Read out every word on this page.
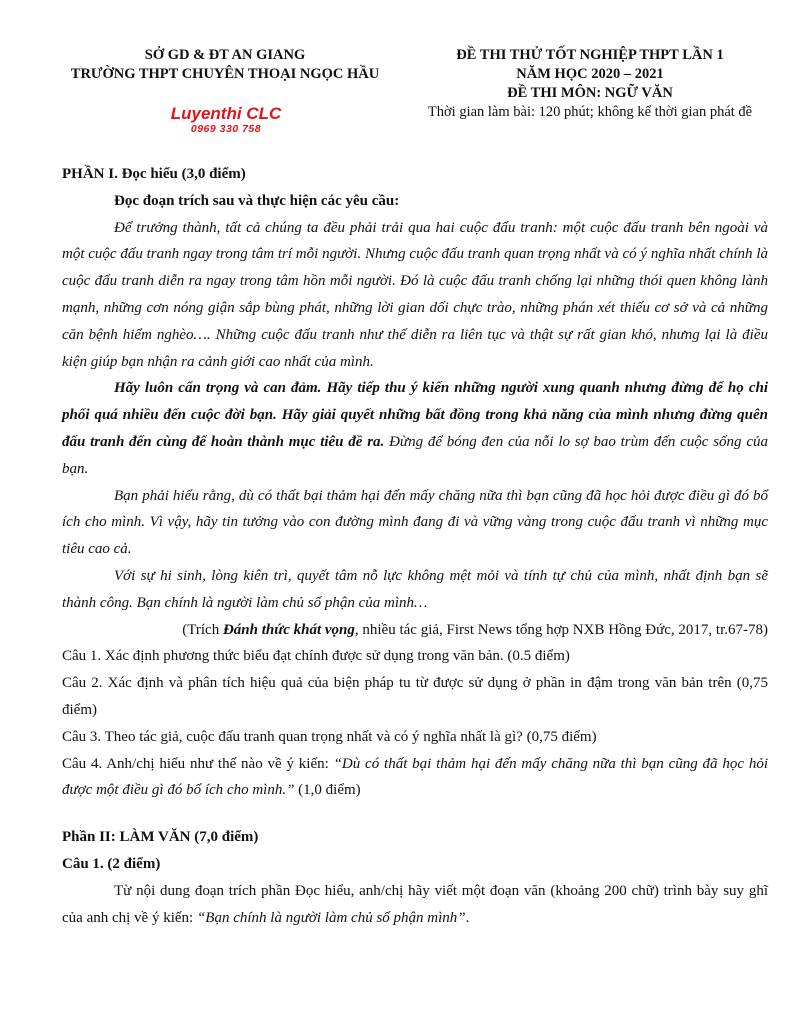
SỞ GD & ĐT AN GIANG
TRƯỜNG THPT CHUYÊN THOẠI NGỌC HẦU
ĐỀ THI THỬ TỐT NGHIỆP THPT LẦN 1
NĂM HỌC 2020 – 2021
ĐỀ THI MÔN: NGỮ VĂN
Thời gian làm bài: 120 phút; không kể thời gian phát đề
Luyenthi CLC
0969 330 758

PHẦN I. Đọc hiểu (3,0 điểm)

Đọc đoạn trích sau và thực hiện các yêu cầu:

Để trưởng thành, tất cả chúng ta đều phải trải qua hai cuộc đấu tranh: một cuộc đấu tranh bên ngoài và một cuộc đấu tranh ngay trong tâm trí mỗi người. Nhưng cuộc đấu tranh quan trọng nhất và có ý nghĩa nhất chính là cuộc đấu tranh diễn ra ngay trong tâm hồn mỗi người. Đó là cuộc đấu tranh chống lại những thói quen không lành mạnh, những cơn nóng giận sắp bùng phát, những lời gian dối chực trào, những phán xét thiếu cơ sở và cả những căn bệnh hiểm nghèo…. Những cuộc đấu tranh như thế diễn ra liên tục và thật sự rất gian khó, nhưng lại là điều kiện giúp bạn nhận ra cảnh giới cao nhất của mình.

Hãy luôn cẩn trọng và can đảm. Hãy tiếp thu ý kiến những người xung quanh nhưng đừng để họ chi phối quá nhiều đến cuộc đời bạn. Hãy giải quyết những bất đồng trong khả năng của mình nhưng đừng quên đấu tranh đến cùng để hoàn thành mục tiêu đề ra. Đừng để bóng đen của nỗi lo sợ bao trùm đến cuộc sống của bạn.

Bạn phải hiểu rằng, dù có thất bại thảm hại đến mấy chăng nữa thì bạn cũng đã học hỏi được điều gì đó bổ ích cho mình. Vì vậy, hãy tin tưởng vào con đường mình đang đi và vững vàng trong cuộc đấu tranh vì những mục tiêu cao cả.

Với sự hi sinh, lòng kiên trì, quyết tâm nỗ lực không mệt mỏi và tính tự chủ của mình, nhất định bạn sẽ thành công. Bạn chính là người làm chủ số phận của mình…

(Trích Đánh thức khát vọng, nhiều tác giả, First News tổng hợp NXB Hồng Đức, 2017, tr.67-78)

Câu 1. Xác định phương thức biểu đạt chính được sử dụng trong văn bản. (0.5 điểm)

Câu 2. Xác định và phân tích hiệu quả của biện pháp tu từ được sử dụng ở phần in đậm trong văn bản trên (0,75 điểm)

Câu 3. Theo tác giả, cuộc đấu tranh quan trọng nhất và có ý nghĩa nhất là gì? (0,75 điểm)

Câu 4. Anh/chị hiểu như thế nào về ý kiến: “Dù có thất bại thảm hại đến mấy chăng nữa thì bạn cũng đã học hỏi được một điều gì đó bổ ích cho mình.” (1,0 điểm)

Phần II: LÀM VĂN (7,0 điểm)

Câu 1. (2 điểm)

Từ nội dung đoạn trích phần Đọc hiểu, anh/chị hãy viết một đoạn văn (khoảng 200 chữ) trình bày suy ghĩ của anh chị về ý kiến: “Bạn chính là người làm chủ số phận mình”.
